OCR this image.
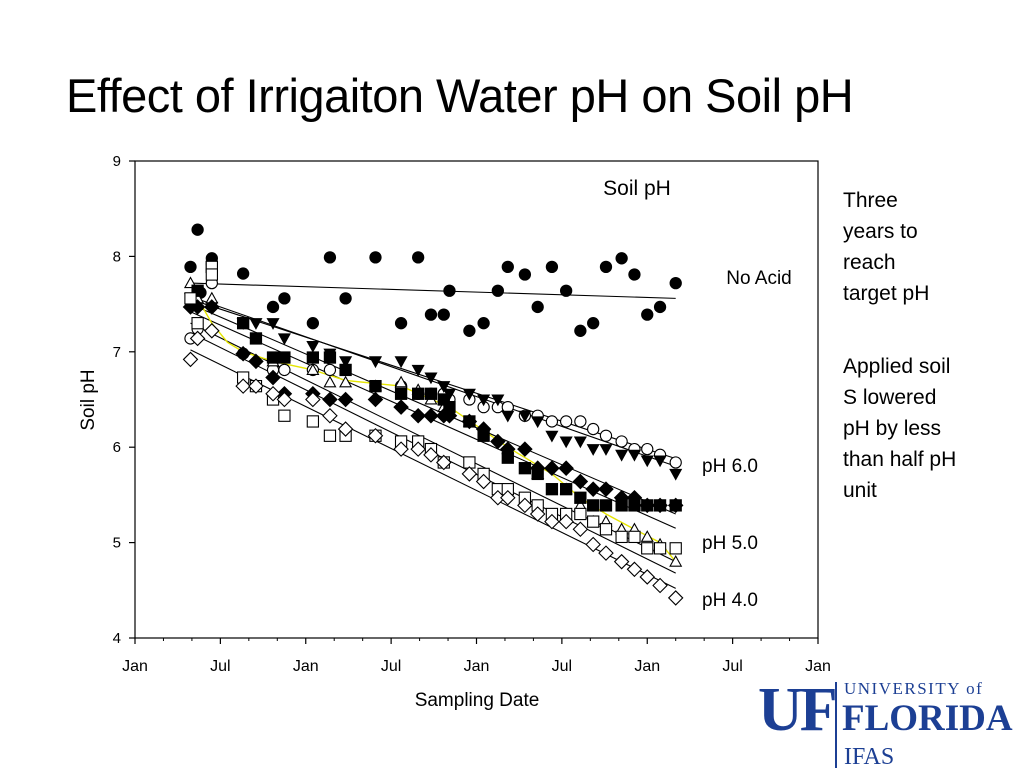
Effect of Irrigaiton Water pH on Soil pH
4
5
6
7
8
9
Jan	Jul	Jan	Jul	Jan	Jul	Jan	Jul	Jan
Soil pH
No Acid
pH 6.0
pH 5.0
pH 4.0
Sampling Date
Soil pH
Three years to reach target pH
Applied soil S lowered pH by less than half pH unit
UF UNIVERSITY of
FLORIDA
IFAS
